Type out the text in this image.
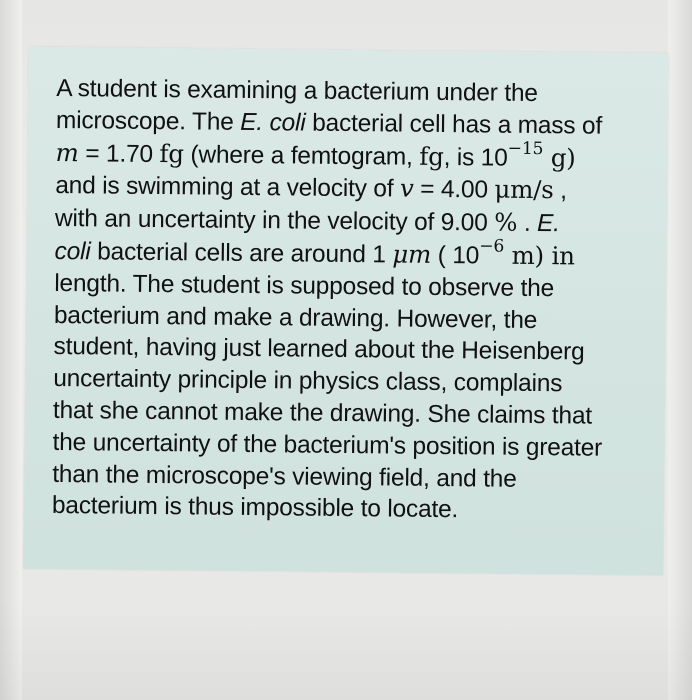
A student is examining a bacterium under the
microscope. The E. coli bacterial cell has a mass of
m = 1.70 fg (where a femtogram, fg, is $10^{-15}$ g)
and is swimming at a velocity of v = 4.00 μm/s ,
with an uncertainty in the velocity of 9.00 % . E.
coli bacterial cells are around 1 μm ( $10^{-6}$ m) in
length. The student is supposed to observe the
bacterium and make a drawing. However, the
student, having just learned about the Heisenberg
uncertainty principle in physics class, complains
that she cannot make the drawing. She claims that
the uncertainty of the bacterium's position is greater
than the microscope's viewing field, and the
bacterium is thus impossible to locate.
